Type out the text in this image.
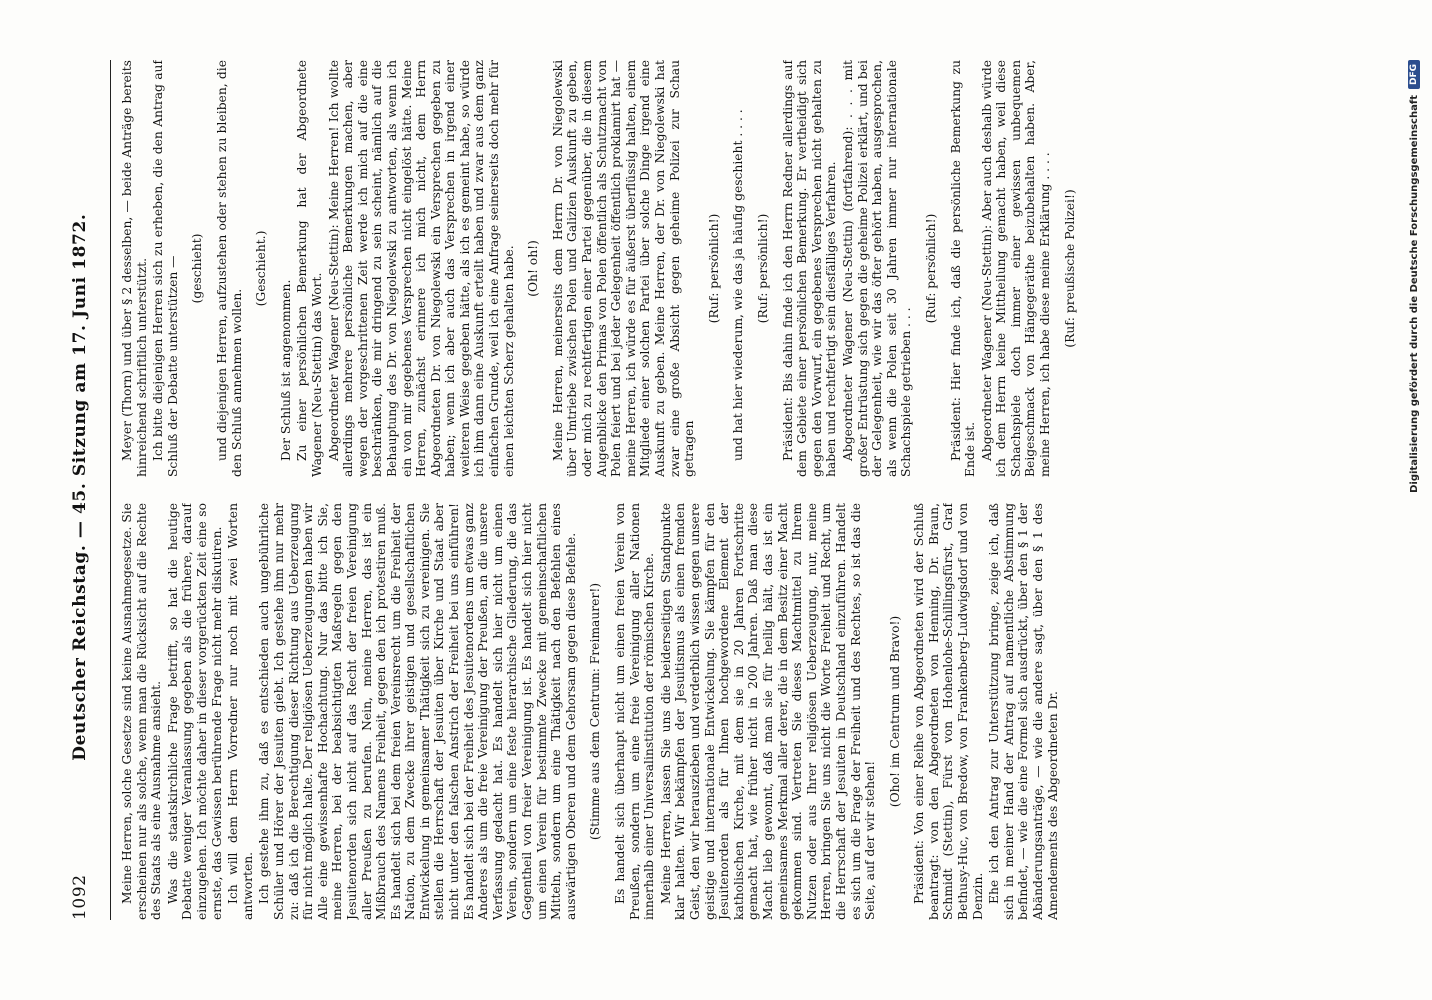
1092
Deutscher Reichstag. — 45. Sitzung am 17. Juni 1872. Meine Herren, solche Gesetze sind keine Ausnahmegesetze. Sie erscheinen nur als solche, wenn man die Rücksicht auf die Rechte des Staats als eine Ausnahme ansieht. Was die staatskirchliche Frage betrifft, so hat die heutige Debatte weniger Veranlassung gegeben als die frühere, darauf einzugehen. Ich möchte daher in dieser vorgerückten Zeit eine so ernste, das Gewissen berührende Frage nicht mehr diskutiren. Ich will dem Herrn Vorredner nur noch mit zwei Worten antworten. Ich gestehe ihm zu, daß es entschieden auch ungebührliche Schüler und Hörer der Jesuiten giebt. Ich gestehe ihm nur mehr zu: daß ich die Berechtigung dieser Richtung aus Ueberzeugung für nicht möglich halte. Der religiösen Ueberzeugungen haben wir Alle eine gewissenhafte Hochachtung. Nur das bitte ich Sie, meine Herren, bei der beabsichtigten Maßregeln gegen den Jesuitenorden sich nicht auf das Recht der freien Vereinigung aller Preußen zu berufen. Nein, meine Herren, das ist ein Mißbrauch des Namens Freiheit, gegen den ich protestiren muß. Es handelt sich bei dem freien Vereinsrecht um die Freiheit der Nation, zu dem Zwecke ihrer geistigen und gesellschaftlichen Entwickelung in gemeinsamer Thätigkeit sich zu vereinigen. Sie stellen die Herrschaft der Jesuiten über Kirche und Staat aber nicht unter den falschen Anstrich der Freiheit bei uns einführen! Es handelt sich bei der Freiheit des Jesuitenordens um etwas ganz Anderes als um die freie Vereinigung der Preußen, an die unsere Verfassung gedacht hat. Es handelt sich hier nicht um einen Verein, sondern um eine feste hierarchische Gliederung, die das Gegentheil von freier Vereinigung ist. Es handelt sich hier nicht um einen Verein für bestimmte Zwecke mit gemeinschaftlichen Mitteln, sondern um eine Thätigkeit nach den Befehlen eines auswärtigen Oberen und dem Gehorsam gegen diese Befehle. (Stimme aus dem Centrum: Freimaurer!) Es handelt sich überhaupt nicht um einen freien Verein von Preußen, sondern um eine freie Vereinigung aller Nationen innerhalb einer Universalinstitution der römischen Kirche. Meine Herren, lassen Sie uns die beiderseitigen Standpunkte klar halten. Wir bekämpfen der Jesuitismus als einen fremden Geist, den wir herauszieben und verderblich wissen gegen unsere geistige und internationale Entwickelung. Sie kämpfen für den Jesuitenorden als für Ihnen hochgewordene Element der katholischen Kirche, mit dem sie in 20 Jahren Fortschritte gemacht hat, wie früher nicht in 200 Jahren. Daß man diese Macht lieb gewonnt, daß man sie für heilig hält, das ist ein gemeinsames Merkmal aller derer, die in dem Besitz einer Macht gekommen sind. Vertreten Sie dieses Machtmittel zu Ihrem Nutzen oder aus Ihrer religiösen Ueberzeugung, nur, meine Herren, bringen Sie uns nicht die Worte Freiheit und Recht, um die Herrschaft der Jesuiten in Deutschland einzuführen. Handelt es sich um die Frage der Freiheit und des Rechtes, so ist das die Seite, auf der wir stehen!

(Oho! im Centrum und Bravo!) Präsident: Von einer Reihe von Abgeordneten wird der Schluß beantragt: von den Abgeordneten von Henning, Dr. Braun, Schmidt (Stettin), Fürst von Hohenlohe-Schillingsfürst, Graf Bethusy-Huc, von Bredow, von Frankenberg-Ludwigsdorf und von Denzin. Ehe ich den Antrag zur Unterstützung bringe, zeige ich, daß sich in meiner Hand der Antrag auf namentliche Abstimmung befindet, — wie die eine Formel sich ausdrückt, über den § 1 der Abänderungsanträge, — wie die andere sagt, über den § 1 des Amendements des Abgeordneten Dr.

Meyer (Thorn) und über § 2 desselben, — beide Anträge bereits hinreichend schriftlich unterstützt. Ich bitte diejenigen Herren sich zu erheben, die den Antrag auf Schluß der Debatte unterstützen — (geschieht) und diejenigen Herren, aufzustehen oder stehen zu bleiben, die den Schluß annehmen wollen.

(Geschieht.)

Der Schluß ist angenommen. Zu einer persönlichen Bemerkung hat der Abgeordnete Wagener (Neu-Stettin) das Wort. Abgeordneter Wagener (Neu-Stettin): Meine Herren! Ich wollte allerdings mehrere persönliche Bemerkungen machen, aber wegen der vorgeschrittenen Zeit werde ich mich auf die eine beschränken, die mir dringend zu sein scheint, nämlich auf die Behauptung des Dr. von Niegolewski zu antworten, als wenn ich ein von mir gegebenes Versprechen nicht eingelöst hätte. Meine Herren, zunächst erinnere ich mich nicht, dem Herrn Abgeordneten Dr. von Niegolewski ein Versprechen gegeben zu haben; wenn ich aber auch das Versprechen in irgend einer weiteren Weise gegeben hätte, als ich es gemeint habe, so würde ich ihm dann eine Auskunft erteilt haben und zwar aus dem ganz einfachen Grunde, weil ich eine Anfrage seinerseits doch mehr für einen leichten Scherz gehalten habe. (Oh! oh!) Meine Herren, meinerseits dem Herrn Dr. von Niegolewski über Umtriebe zwischen Polen und Galizien Auskunft zu geben, oder mich zu rechtfertigen einer Partei gegenüber, die in diesem Augenblicke den Primas von Polen öffentlich als Schutzmacht von Polen feiert und bei jeder Gelegenheit öffentlich proklamirt hat — meine Herren, ich würde es für äußerst überflüssig halten, einem Mitgliede einer solchen Partei über solche Dinge irgend eine Auskunft zu geben. Meine Herren, der Dr. von Niegolewski hat zwar eine große Absicht gegen geheime Polizei zur Schau getragen

(Ruf: persönlich!) und hat hier wiederum, wie das ja häufig geschieht . . . . (Ruf: persönlich!) Präsident: Bis dahin finde ich den Herrn Redner allerdings auf dem Gebiete einer persönlichen Bemerkung. Er vertheidigt sich gegen den Vorwurf, ein gegebenes Versprechen nicht gehalten zu haben und rechtfertigt sein diesfälliges Verfahren. Abgeordneter Wagener (Neu-Stettin) (fortfahrend): . . . mit großer Entrüstung sich gegen die geheime Polizei erklärt, und bei der Gelegenheit, wie wir das öfter gehört haben, ausgesprochen, als wenn die Polen seit 30 Jahren immer nur internationale Schachspiele getrieben . . .

(Ruf: persönlich!) Präsident: Hier finde ich, daß die persönliche Bemerkung zu Ende ist. Abgeordneter Wagener (Neu-Stettin): Aber auch deshalb würde ich dem Herrn keine Mittheilung gemacht haben, weil diese Schachspiele doch immer einer gewissen unbequemen Beigeschmack von Hängegeräthe beizubehalten haben. Aber, meine Herren, ich habe diese meine Erklärung . . . . (Ruf: preußische Polizei!)	Digitalisierung gefördert durch die Deutsche Forschungsgemeinschaft
DFG
